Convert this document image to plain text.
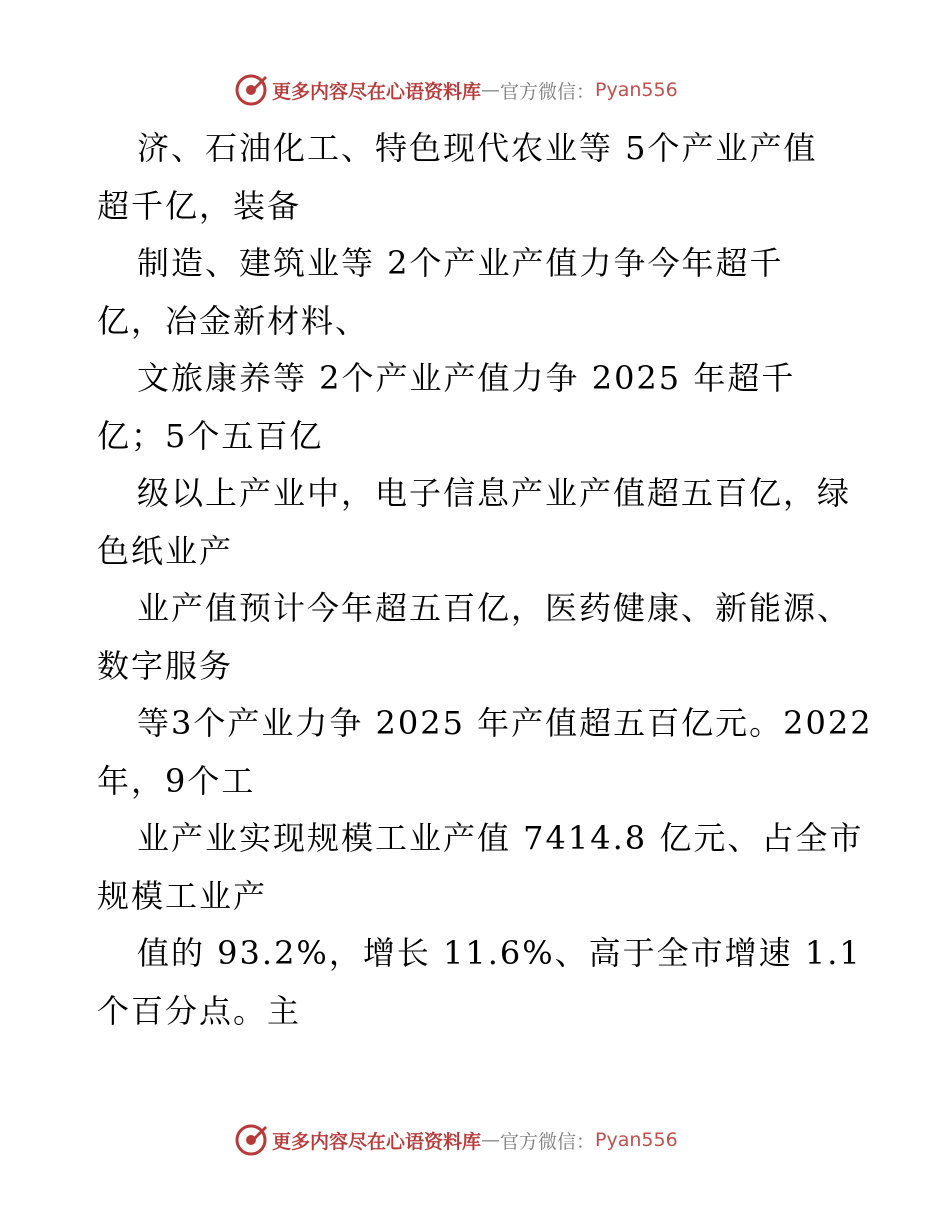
更多内容尽在心语资料库 — 官方微信： Pyan556
济、石油化工、特色现代农业等 5个产业产值
超千亿，装备
制造、建筑业等 2个产业产值力争今年超千
亿，冶金新材料、
文旅康养等 2个产业产值力争 2025 年超千
亿；5个五百亿
级以上产业中，电子信息产业产值超五百亿，绿
色纸业产
业产值预计今年超五百亿，医药健康、新能源、
数字服务
等3个产业力争 2025 年产值超五百亿元。2022
年，9个工
业产业实现规模工业产值 7414.8 亿元、占全市
规模工业产
值的 93.2%，增长 11.6%、高于全市增速 1.1
个百分点。主
更多内容尽在心语资料库 — 官方微信： Pyan556
